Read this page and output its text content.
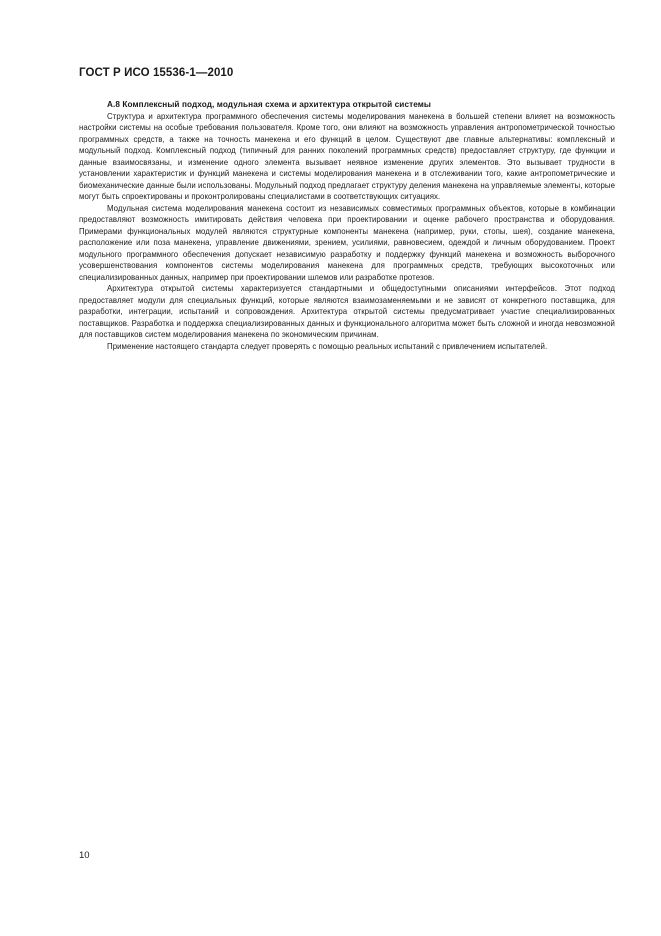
ГОСТ Р ИСО 15536-1—2010

А.8 Комплексный подход, модульная схема и архитектура открытой системы

Структура и архитектура программного обеспечения системы моделирования манекена в большей степени влияет на возможность настройки системы на особые требования пользователя. Кроме того, они влияют на возможность управления антропометрической точностью программных средств, а также на точность манекена и его функций в целом. Существуют две главные альтернативы: комплексный и модульный подход. Комплексный подход (типичный для ранних поколений программных средств) предоставляет структуру, где функции и данные взаимосвязаны, и изменение одного элемента вызывает неявное изменение других элементов. Это вызывает трудности в установлении характеристик и функций манекена и системы моделирования манекена и в отслеживании того, какие антропометрические и биомеханические данные были использованы. Модульный подход предлагает структуру деления манекена на управляемые элементы, которые могут быть спроектированы и проконтролированы специалистами в соответствующих ситуациях.

Модульная система моделирования манекена состоит из независимых совместимых программных объектов, которые в комбинации предоставляют возможность имитировать действия человека при проектировании и оценке рабочего пространства и оборудования. Примерами функциональных модулей являются структурные компоненты манекена (например, руки, стопы, шея), создание манекена, расположение или поза манекена, управление движениями, зрением, усилиями, равновесием, одеждой и личным оборудованием. Проект модульного программного обеспечения допускает независимую разработку и поддержку функций манекена и возможность выборочного усовершенствования компонентов системы моделирования манекена для программных средств, требующих высокоточных или специализированных данных, например при проектировании шлемов или разработке протезов.

Архитектура открытой системы характеризуется стандартными и общедоступными описаниями интерфейсов. Этот подход предоставляет модули для специальных функций, которые являются взаимозаменяемыми и не зависят от конкретного поставщика, для разработки, интеграции, испытаний и сопровождения. Архитектура открытой системы предусматривает участие специализированных поставщиков. Разработка и поддержка специализированных данных и функционального алгоритма может быть сложной и иногда невозможной для поставщиков систем моделирования манекена по экономическим причинам.

Применение настоящего стандарта следует проверять с помощью реальных испытаний с привлечением испытателей.

10
